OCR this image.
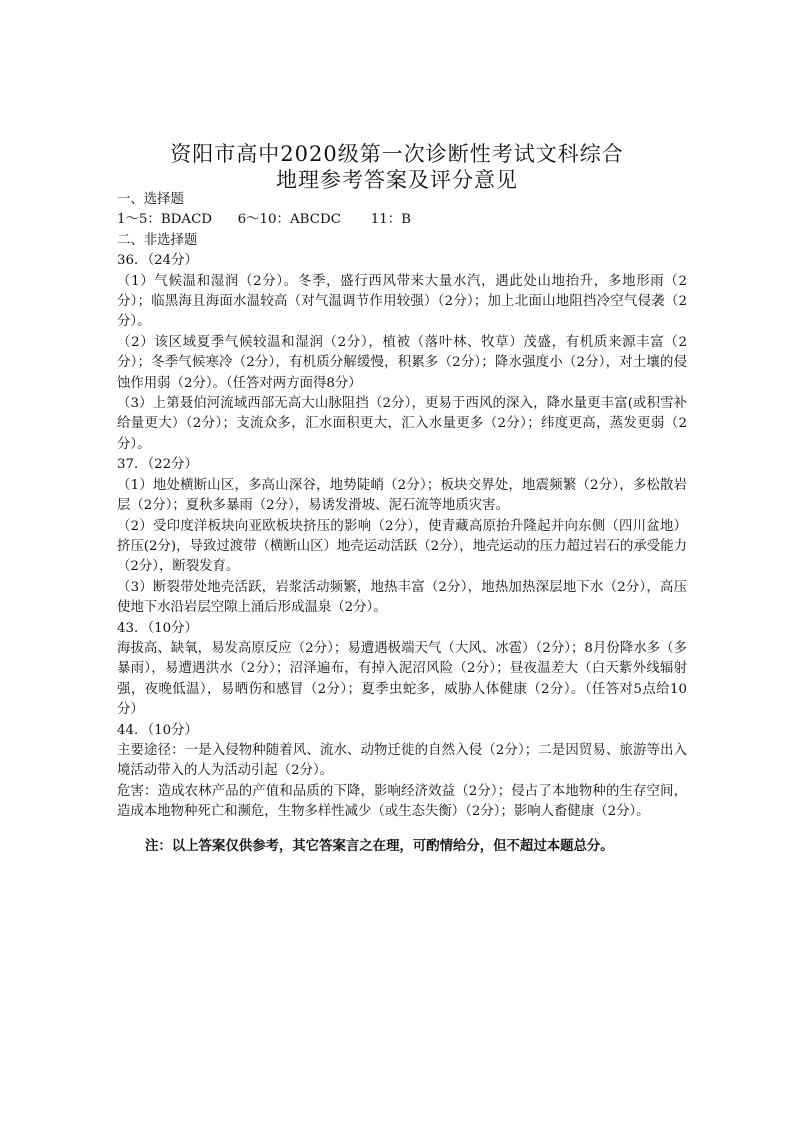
资阳市高中2020级第一次诊断性考试文科综合
地理参考答案及评分意见

一、选择题

1～5：BDACD 6～10：ABCDC 11：B

二、非选择题

36．（24分）

（1）气候温和湿润（2分）。冬季，盛行西风带来大量水汽，遇此处山地抬升，多地形雨（2分）；临黑海且海面水温较高（对气温调节作用较强）（2分）；加上北面山地阻挡冷空气侵袭（2分）。

（2）该区域夏季气候较温和湿润（2分），植被（落叶林、牧草）茂盛，有机质来源丰富（2分）；冬季气候寒冷（2分），有机质分解缓慢，积累多（2分）；降水强度小（2分），对土壤的侵蚀作用弱（2分）。（任答对两方面得8分）

（3）上第聂伯河流域西部无高大山脉阻挡（2分），更易于西风的深入，降水量更丰富(或积雪补给量更大）（2分）；支流众多，汇水面积更大，汇入水量更多（2分）；纬度更高，蒸发更弱（2分）。

37．（22分）

（1）地处横断山区，多高山深谷，地势陡峭（2分）；板块交界处，地震频繁（2分），多松散岩层（2分）；夏秋多暴雨（2分），易诱发滑坡、泥石流等地质灾害。

（2）受印度洋板块向亚欧板块挤压的影响（2分），使青藏高原抬升隆起并向东侧（四川盆地）挤压(2分)，导致过渡带（横断山区）地壳运动活跃（2分），地壳运动的压力超过岩石的承受能力（2分），断裂发育。

（3）断裂带处地壳活跃，岩浆活动频繁，地热丰富（2分），地热加热深层地下水（2分），高压使地下水沿岩层空隙上涌后形成温泉（2分）。

43．（10分）

海拔高、缺氧，易发高原反应（2分）；易遭遇极端天气（大风、冰雹）（2分）；8月份降水多（多暴雨），易遭遇洪水（2分）；沼泽遍布，有掉入泥沼风险（2分）；昼夜温差大（白天紫外线辐射强，夜晚低温），易晒伤和感冒（2分）；夏季虫蛇多，威胁人体健康（2分）。（任答对5点给10分）

44．（10分）

主要途径：一是入侵物种随着风、流水、动物迁徙的自然入侵（2分）；二是因贸易、旅游等出入境活动带入的人为活动引起（2分）。

危害：造成农林产品的产值和品质的下降，影响经济效益（2分）；侵占了本地物种的生存空间，造成本地物种死亡和濒危，生物多样性减少（或生态失衡）（2分）；影响人畜健康（2分）。

注：以上答案仅供参考，其它答案言之在理，可酌情给分，但不超过本题总分。
